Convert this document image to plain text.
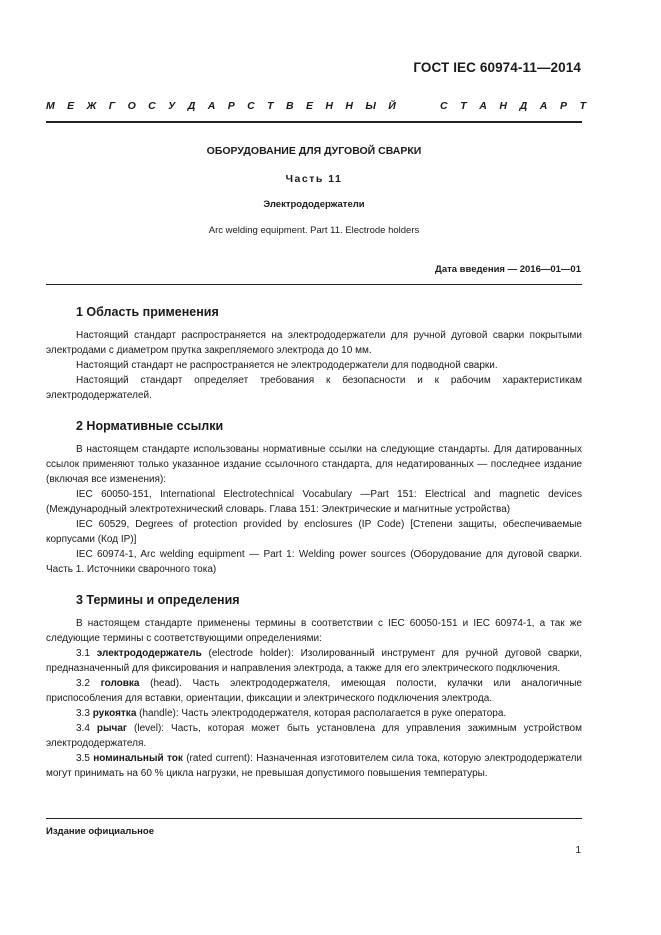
ГОСТ IEC 60974-11—2014
М Е Ж Г О С У Д А Р С Т В Е Н Н Ы Й	С Т А Н Д А Р Т
ОБОРУДОВАНИЕ ДЛЯ ДУГОВОЙ СВАРКИ
Часть 11
Электрододержатели
Arc welding equipment. Part 11. Electrode holders
Дата введения — 2016—01—01
1 Область применения

Настоящий стандарт распространяется на электрододержатели для ручной дуговой сварки покрытыми электродами с диаметром прутка закрепляемого электрода до 10 мм.

Настоящий стандарт не распространяется не электрододержатели для подводной сварки.

Настоящий стандарт определяет требования к безопасности и к рабочим характеристикам электрододержателей.

2 Нормативные ссылки

В настоящем стандарте использованы нормативные ссылки на следующие стандарты. Для датированных ссылок применяют только указанное издание ссылочного стандарта, для недатированных — последнее издание (включая все изменения):

IEC 60050-151, International Electrotechnical Vocabulary —Part 151: Electrical and magnetic devices (Международный электротехнический словарь. Глава 151: Электрические и магнитные устройства)

IEC 60529, Degrees of protection provided by enclosures (IP Code) [Степени защиты, обеспечиваемые корпусами (Код IP)]

IEC 60974-1, Arc welding equipment — Part 1: Welding power sources (Оборудование для дуговой сварки. Часть 1. Источники сварочного тока)

3 Термины и определения

В настоящем стандарте применены термины в соответствии с IEC 60050-151 и IEC 60974-1, а так же следующие термины с соответствующими определениями:

3.1 электрододержатель (electrode holder): Изолированный инструмент для ручной дуговой сварки, предназначенный для фиксирования и направления электрода, а также для его электрического подключения.

3.2 головка (head). Часть электрододержателя, имеющая полости, кулачки или аналогичные приспособления для вставки, ориентации, фиксации и электрического подключения электрода.

3.3 рукоятка (handle): Часть электрододержателя, которая располагается в руке оператора.

3.4 рычаг (level): Часть, которая может быть установлена для управления зажимным устройством электрододержателя.

3.5 номинальный ток (rated current): Назначенная изготовителем сила тока, которую электрододержатели могут принимать на 60 % цикла нагрузки, не превышая допустимого повышения температуры.

Издание официальное
1
